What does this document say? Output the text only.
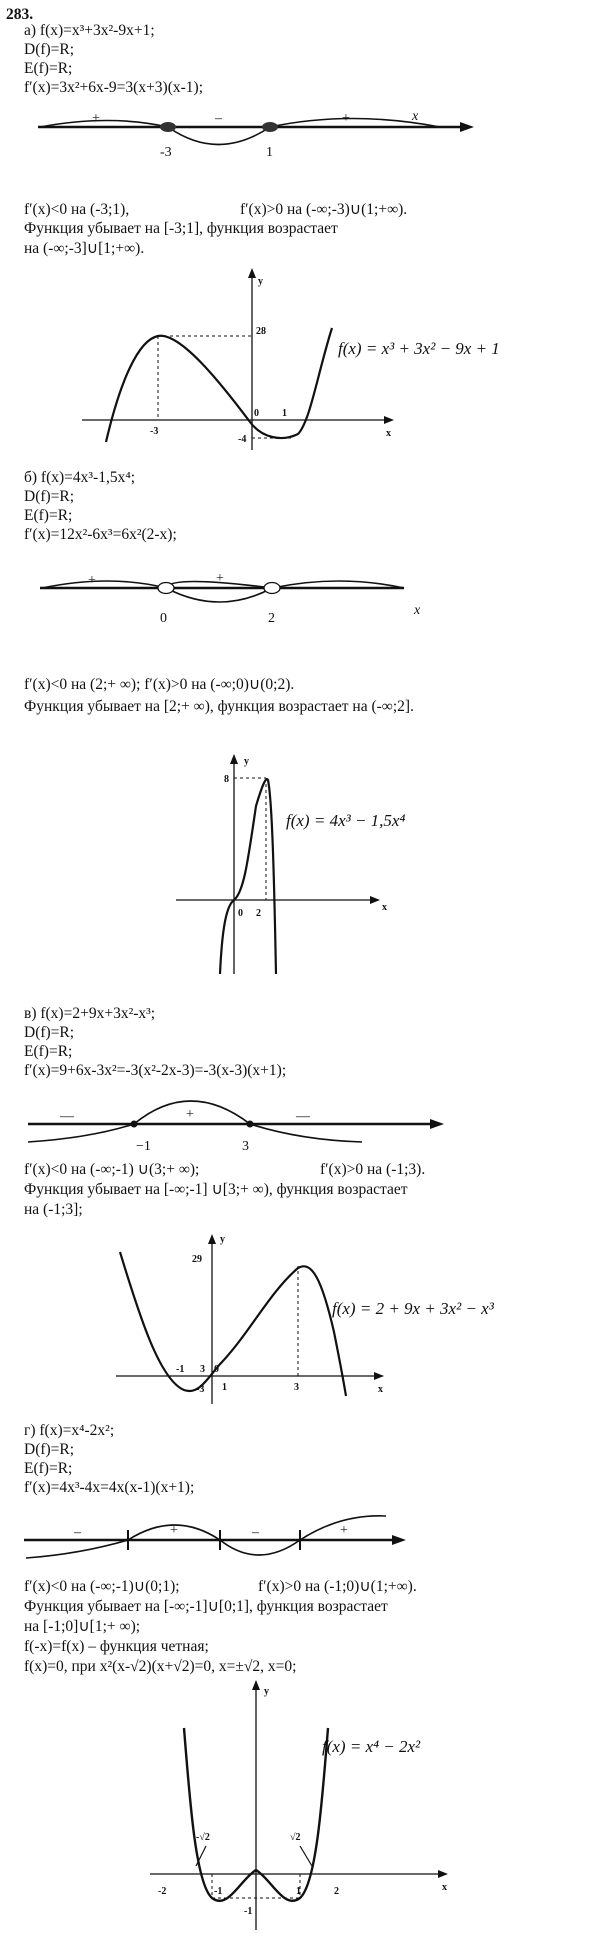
283.
а) f(x)=x³+3x²-9x+1;
D(f)=R;
E(f)=R;
f′(x)=3x²+6x-9=3(x+3)(x-1);
+	–	+
-3	1
x
f′(x)<0 на (-3;1),	f′(x)>0 на (-∞;-3)∪(1;+∞).
Функция убывает на [-3;1], функция возрастает
на (-∞;-3]∪[1;+∞).
y
x
-3
0 1
28
-4
f(x) = x³ + 3x² − 9x + 1
б) f(x)=4x³-1,5x⁴;
D(f)=R;
E(f)=R;
f′(x)=12x²-6x³=6x²(2-x);
+	+	-
0	2
x
f′(x)<0 на (2;+ ∞); f′(x)>0 на (-∞;0)∪(0;2).
Функция убывает на [2;+ ∞), функция возрастает на (-∞;2].
y
x
0 2
8
f(x) = 4x³ − 1,5x⁴
в) f(x)=2+9x+3x²-x³;
D(f)=R;
E(f)=R;
f′(x)=9+6x-3x²=-3(x²-2x-3)=-3(x-3)(x+1);
—	+	—
−1	3
f′(x)<0 на (-∞;-1) ∪(3;+ ∞);	f′(x)>0 на (-1;3).
Функция убывает на [-∞;-1] ∪[3;+ ∞), функция возрастает
на (-1;3];
y
x
29
-1 3 0
1	3
-3
f(x) = 2 + 9x + 3x² − x³
г) f(x)=x⁴-2x²;
D(f)=R;
E(f)=R;
f′(x)=4x³-4x=4x(x-1)(x+1);
–	+	–	+
f′(x)<0 на (-∞;-1)∪(0;1);	f′(x)>0 на (-1;0)∪(1;+∞).
Функция убывает на [-∞;-1]∪[0;1], функция возрастает
на [-1;0]∪[1;+ ∞);
f(-x)=f(x) – функция четная;
f(x)=0, при x²(x-√2)(x+√2)=0, x=±√2, x=0;
y
x
-2	-1	1	2
-1
-√2	√2
f(x) = x⁴ − 2x²
